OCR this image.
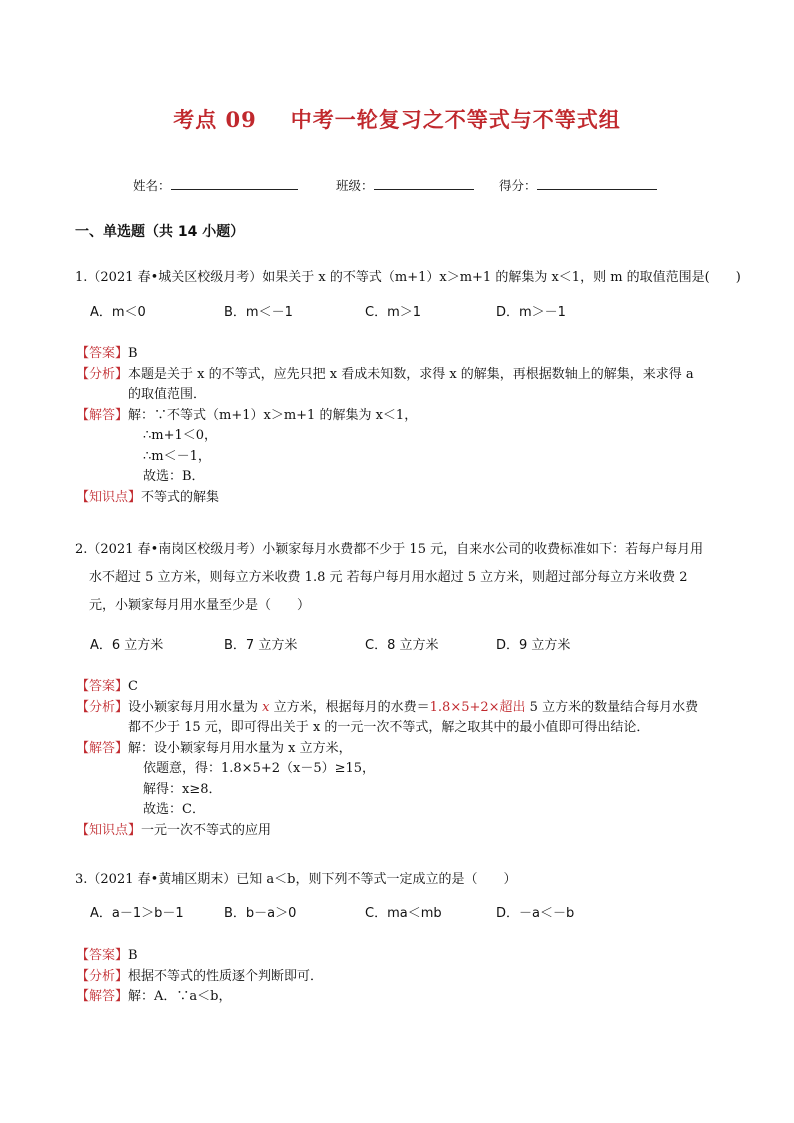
考点 09 中考一轮复习之不等式与不等式组
姓名：	班级：	得分：
一、单选题（共 14 小题）
1.（2021 春•城关区校级月考）如果关于 x 的不等式（m+1）x＞m+1 的解集为 x＜1，则 m 的取值范围是(　　)
A．m＜0	B．m＜－1	C．m＞1	D．m＞－1
【答案】B
【分析】本题是关于 x 的不等式，应先只把 x 看成未知数，求得 x 的解集，再根据数轴上的解集，来求得 a
的取值范围．
【解答】解：∵不等式（m+1）x＞m+1 的解集为 x＜1，
∴m+1＜0，
∴m＜－1，
故选：B．
【知识点】不等式的解集
2.（2021 春•南岗区校级月考）小颖家每月水费都不少于 15 元，自来水公司的收费标准如下：若每户每月用
水不超过 5 立方米，则每立方米收费 1.8 元 若每户每月用水超过 5 立方米，则超过部分每立方米收费 2
元，小颖家每月用水量至少是（　　）
A．6 立方米	B．7 立方米	C．8 立方米	D．9 立方米
【答案】C
【分析】设小颖家每月用水量为 x 立方米，根据每月的水费＝1.8×5+2×超出 5 立方米的数量结合每月水费
都不少于 15 元，即可得出关于 x 的一元一次不等式，解之取其中的最小值即可得出结论．
【解答】解：设小颖家每月用水量为 x 立方米，
依题意，得：1.8×5+2（x－5）≥15，
解得：x≥8．
故选：C．
【知识点】一元一次不等式的应用
3.（2021 春•黄埔区期末）已知 a＜b，则下列不等式一定成立的是（　　）
A．a－1＞b－1	B．b－a＞0	C．ma＜mb	D．－a＜－b
【答案】B
【分析】根据不等式的性质逐个判断即可．
【解答】解：A．∵a＜b，
